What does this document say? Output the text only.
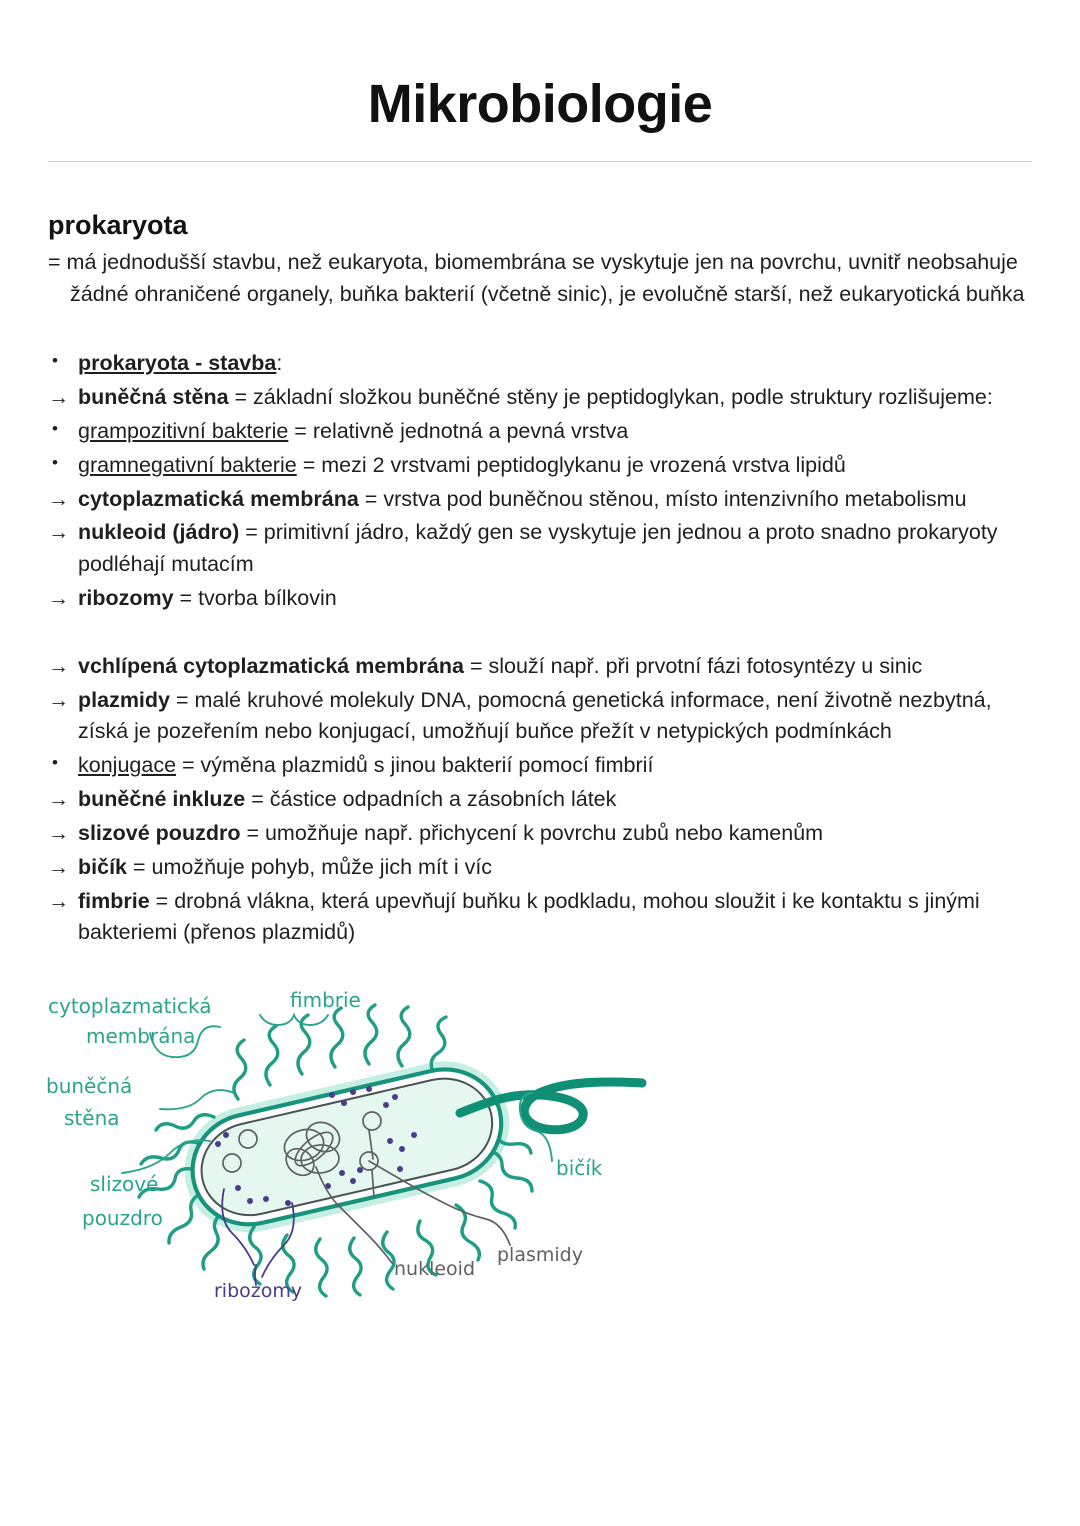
Mikrobiologie
prokaryota
= má jednodušší stavbu, než eukaryota, biomembrána se vyskytuje jen na povrchu, uvnitř neobsahuje žádné ohraničené organely, buňka bakterií (včetně sinic), je evolučně starší, než eukaryotická buňka
• prokaryota - stavba:
→ buněčná stěna = základní složkou buněčné stěny je peptidoglykan, podle struktury rozlišujeme:
• grampozitivní bakterie = relativně jednotná a pevná vrstva
• gramnegativní bakterie = mezi 2 vrstvami peptidoglykanu je vrozená vrstva lipidů
→ cytoplazmatická membrána = vrstva pod buněčnou stěnou, místo intenzivního metabolismu
→ nukleoid (jádro) = primitivní jádro, každý gen se vyskytuje jen jednou a proto snadno prokaryoty podléhají mutacím
→ ribozomy = tvorba bílkovin
→ vchlípená cytoplazmatická membrána = slouží např. při prvotní fázi fotosyntézy u sinic
→ plazmidy = malé kruhové molekuly DNA, pomocná genetická informace, není životně nezbytná, získá je pozeřením nebo konjugací, umožňují buňce přežít v netypických podmínkách
• konjugace = výměna plazmidů s jinou bakterií pomocí fimbrií
→ buněčné inkluze = částice odpadních a zásobních látek
→ slizové pouzdro = umožňuje např. přichycení k povrchu zubů nebo kamenům
→ bičík = umožňuje pohyb, může jich mít i víc
→ fimbrie = drobná vlákna, která upevňují buňku k podkladu, mohou sloužit i ke kontaktu s jinými bakteriemi (přenos plazmidů)
cytoplazmatická
membrána
buněčná
stěna
slizové
pouzdro
fimbrie
bičík
plasmidy
nukleoid
ribozomy
